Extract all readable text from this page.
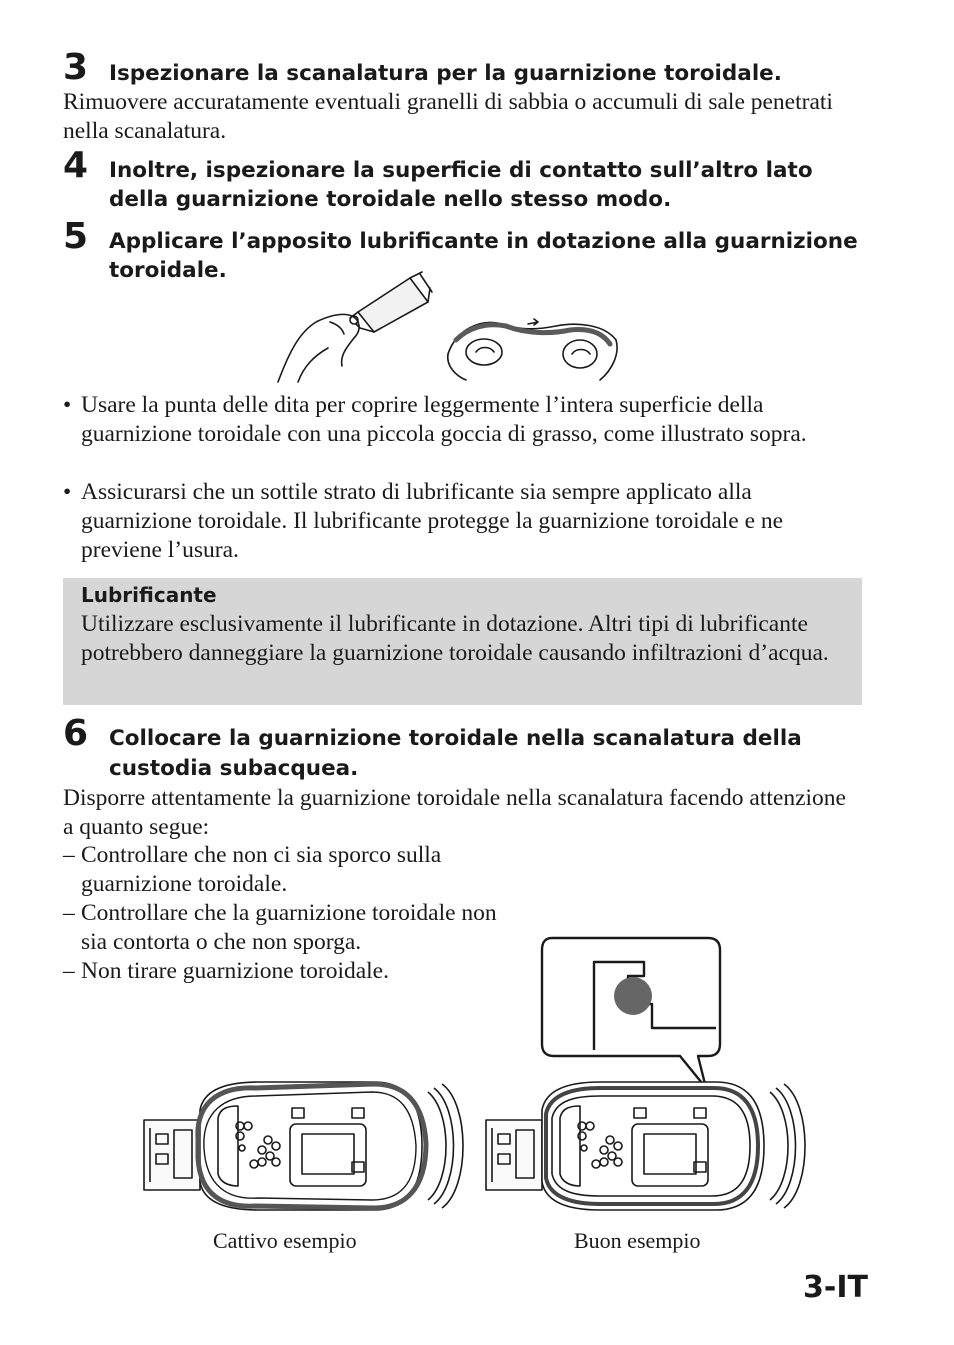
3 Ispezionare la scanalatura per la guarnizione toroidale.
Rimuovere accuratamente eventuali granelli di sabbia o accumuli di sale penetrati nella scanalatura.
4 Inoltre, ispezionare la superficie di contatto sull’altro lato
della guarnizione toroidale nello stesso modo.
5 Applicare l’apposito lubrificante in dotazione alla guarnizione
toroidale.
• Usare la punta delle dita per coprire leggermente l’intera superficie della guarnizione toroidale con una piccola goccia di grasso, come illustrato sopra.
• Assicurarsi che un sottile strato di lubrificante sia sempre applicato alla guarnizione toroidale. Il lubrificante protegge la guarnizione toroidale e ne previene l’usura.
Lubrificante
Utilizzare esclusivamente il lubrificante in dotazione. Altri tipi di lubrificante potrebbero danneggiare la guarnizione toroidale causando infiltrazioni d’acqua.
6 Collocare la guarnizione toroidale nella scanalatura della
custodia subacquea.
Disporre attentamente la guarnizione toroidale nella scanalatura facendo attenzione a quanto segue:
– Controllare che non ci sia sporco sulla guarnizione toroidale.
– Controllare che la guarnizione toroidale non sia contorta o che non sporga.
– Non tirare guarnizione toroidale.
Cattivo esempio	Buon esempio
3-IT
